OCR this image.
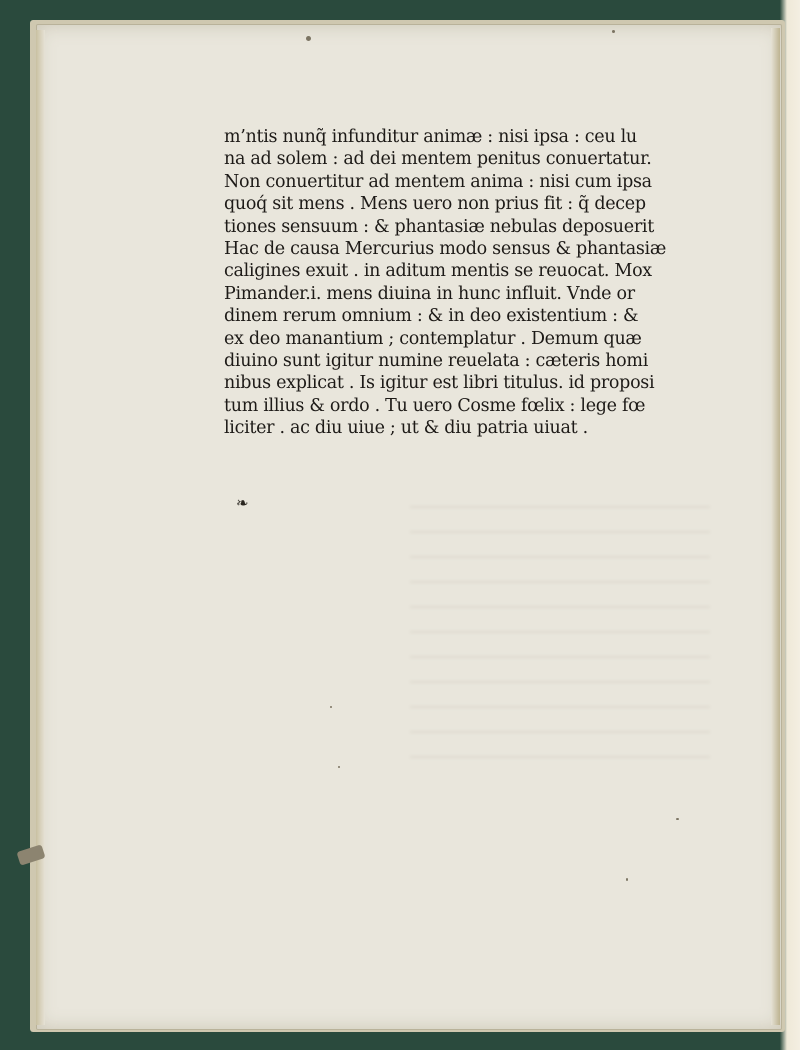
m’ntis nunq̃ infunditur animæ : nisi ipsa : ceu lu
na ad solem : ad dei mentem penitus conuertatur.
Non conuertitur ad mentem anima : nisi cum ipsa
quoq́ sit mens . Mens uero non prius fit : q̃ decep
tiones sensuum : & phantasiæ nebulas deposuerit
Hac de causa Mercurius modo sensus & phantasiæ
caligines exuit . in aditum mentis se reuocat. Mox
Pimander.i. mens diuina in hunc influit. Vnde or
dinem rerum omnium : & in deo existentium : &
ex deo manantium ; contemplatur . Demum quæ
diuino sunt igitur numine reuelata : cæteris homi
nibus explicat . Is igitur est libri titulus. id proposi
tum illius & ordo . Tu uero Cosme fœlix : lege fœ
liciter . ac diu uiue ; ut & diu patria uiuat .
❧
